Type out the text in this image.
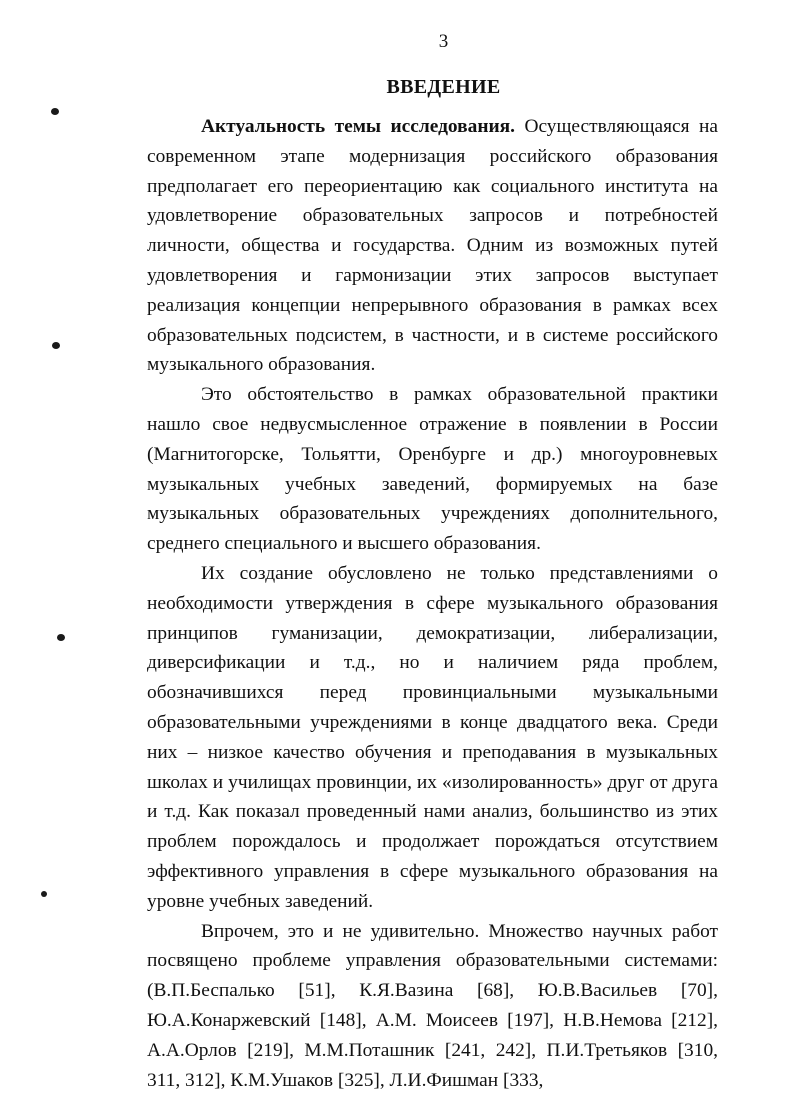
3
ВВЕДЕНИЕ

Актуальность темы исследования. Осуществляющаяся на современном этапе модернизация российского образования предполагает его переориентацию как социального института на удовлетворение образовательных запросов и потребностей личности, общества и государства. Одним из возможных путей удовлетворения и гармонизации этих запросов выступает реализация концепции непрерывного образования в рамках всех образовательных подсистем, в частности, и в системе российского музыкального образования.

Это обстоятельство в рамках образовательной практики нашло свое недвусмысленное отражение в появлении в России (Магнитогорске, Тольятти, Оренбурге и др.) многоуровневых музыкальных учебных заведений, формируемых на базе музыкальных образовательных учреждениях дополнительного, среднего специального и высшего образования.

Их создание обусловлено не только представлениями о необходимости утверждения в сфере музыкального образования принципов гуманизации, демократизации, либерализации, диверсификации и т.д., но и наличием ряда проблем, обозначившихся перед провинциальными музыкальными образовательными учреждениями в конце двадцатого века. Среди них – низкое качество обучения и преподавания в музыкальных школах и училищах провинции, их «изолированность» друг от друга и т.д. Как показал проведенный нами анализ, большинство из этих проблем порождалось и продолжает порождаться отсутствием эффективного управления в сфере музыкального образования на уровне учебных заведений.

Впрочем, это и не удивительно. Множество научных работ посвящено проблеме управления образовательными системами: (В.П.Беспалько [51], К.Я.Вазина [68], Ю.В.Васильев [70], Ю.А.Конаржевский [148], А.М. Моисеев [197], Н.В.Немова [212], А.А.Орлов [219], М.М.Поташник [241, 242], П.И.Третьяков [310, 311, 312], К.М.Ушаков [325], Л.И.Фишман [333,
